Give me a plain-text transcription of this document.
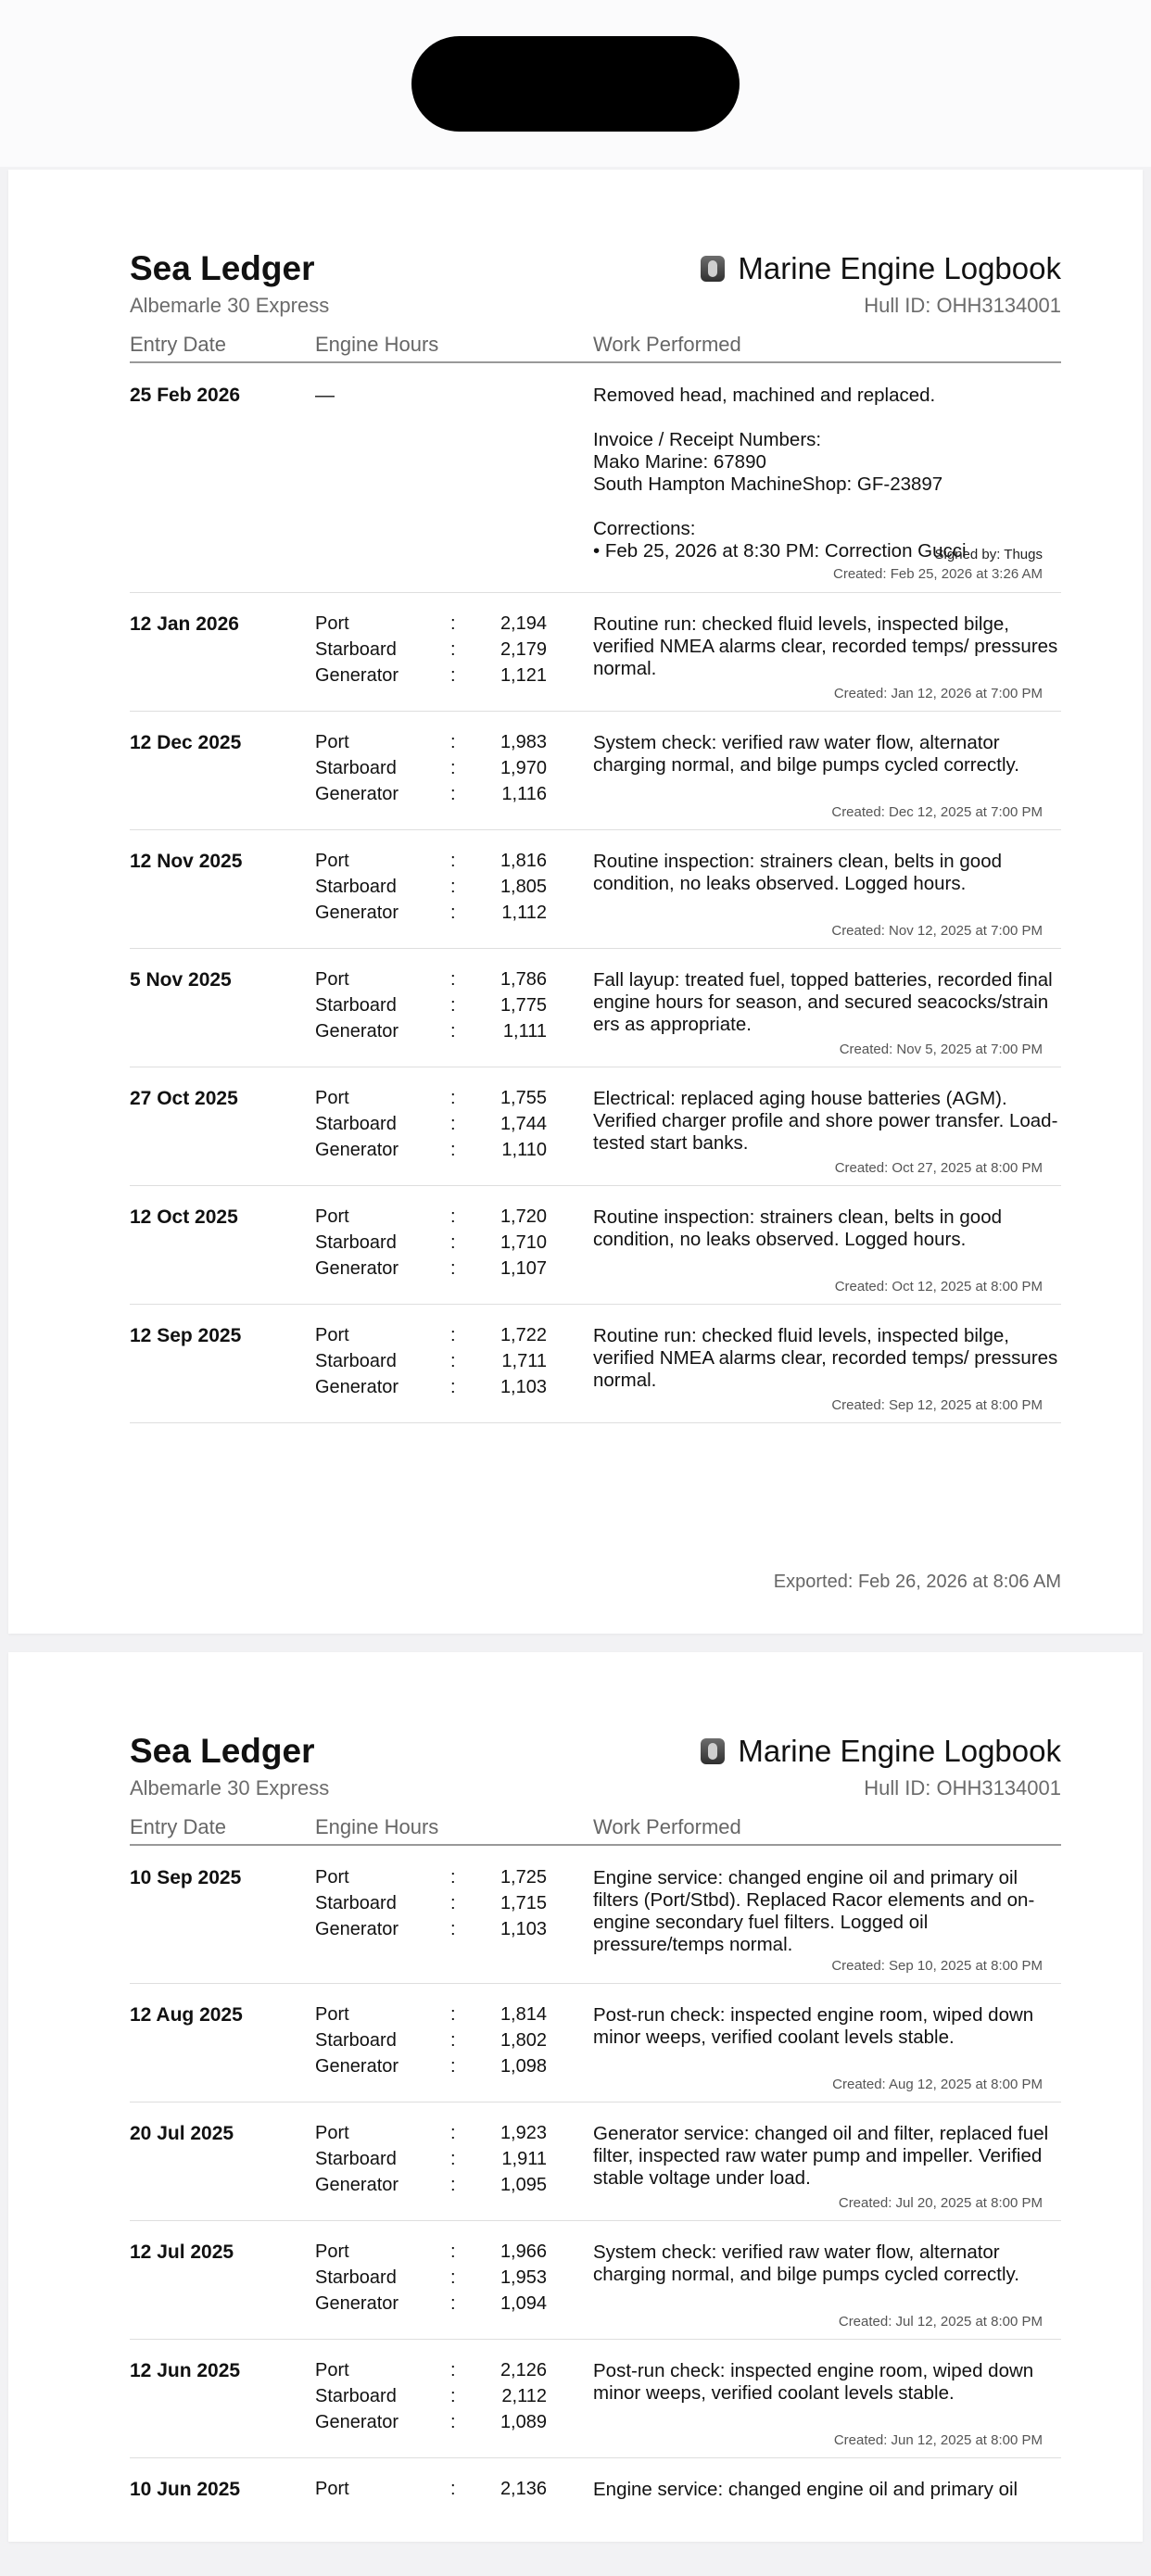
Sea Ledger
Albemarle 30 Express
Marine Engine Logbook
Hull ID: OHH3134001
Entry Date	Engine Hours	Work Performed
25 Feb 2026	—	Removed head, machined and replaced.

Invoice / Receipt Numbers:

Mako Marine: 67890

South Hampton MachineShop: GF-23897

Corrections:

• Feb 25, 2026 at 8:30 PM: Correction Gucci

Signed by: Thugs
Created: Feb 25, 2026 at 3:26 AM
12 Jan 2026	Port	: 2,194
Starboard	: 2,179
Generator	: 1,121
Routine run: checked fluid levels, inspected bilge, verified NMEA alarms clear, recorded temps/ pressures normal.
Created: Jan 12, 2026 at 7:00 PM
12 Dec 2025	Port	: 1,983
Starboard	: 1,970
Generator	: 1,116
System check: verified raw water flow, alternator charging normal, and bilge pumps cycled correctly.
Created: Dec 12, 2025 at 7:00 PM
12 Nov 2025	Port	: 1,816
Starboard	: 1,805
Generator	: 1,112
Routine inspection: strainers clean, belts in good condition, no leaks observed. Logged hours.
Created: Nov 12, 2025 at 7:00 PM
5 Nov 2025	Port	: 1,786
Starboard	: 1,775
Generator	:	1,111
Fall layup: treated fuel, topped batteries, recorded final engine hours for season, and secured seacocks/strain ers as appropriate.
Created: Nov 5, 2025 at 7:00 PM
27 Oct 2025	Port	: 1,755
Starboard	: 1,744
Generator	: 1,110
Electrical: replaced aging house batteries (AGM). Verified charger profile and shore power transfer. Load-tested start banks.
Created: Oct 27, 2025 at 8:00 PM
12 Oct 2025	Port	: 1,720
Starboard	: 1,710
Generator	: 1,107
Routine inspection: strainers clean, belts in good condition, no leaks observed. Logged hours.
Created: Oct 12, 2025 at 8:00 PM
12 Sep 2025	Port	: 1,722
Starboard	: 1,711
Generator	: 1,103
Routine run: checked fluid levels, inspected bilge, verified NMEA alarms clear, recorded temps/ pressures normal.
Created: Sep 12, 2025 at 8:00 PM
Exported: Feb 26, 2026 at 8:06 AM
Sea Ledger
Albemarle 30 Express
Marine Engine Logbook
Hull ID: OHH3134001
Entry Date	Engine Hours	Work Performed
10 Sep 2025	Port	: 1,725
Starboard	: 1,715
Generator	: 1,103
Engine service: changed engine oil and primary oil filters (Port/Stbd). Replaced Racor elements and on-engine secondary fuel filters. Logged oil pressure/temps normal.
Created: Sep 10, 2025 at 8:00 PM
12 Aug 2025	Port	: 1,814
Starboard	: 1,802
Generator	: 1,098
Post-run check: inspected engine room, wiped down minor weeps, verified coolant levels stable.
Created: Aug 12, 2025 at 8:00 PM
20 Jul 2025	Port	: 1,923
Starboard	: 1,911
Generator	: 1,095
Generator service: changed oil and filter, replaced fuel filter, inspected raw water pump and impeller. Verified stable voltage under load.
Created: Jul 20, 2025 at 8:00 PM
12 Jul 2025	Port	: 1,966
Starboard	: 1,953
Generator	: 1,094
System check: verified raw water flow, alternator charging normal, and bilge pumps cycled correctly.
Created: Jul 12, 2025 at 8:00 PM
12 Jun 2025	Port	: 2,126
Starboard	: 2,112
Generator	: 1,089
Post-run check: inspected engine room, wiped down minor weeps, verified coolant levels stable.
Created: Jun 12, 2025 at 8:00 PM
10 Jun 2025	Port	: 2,136 Engine service: changed engine oil and primary oil
